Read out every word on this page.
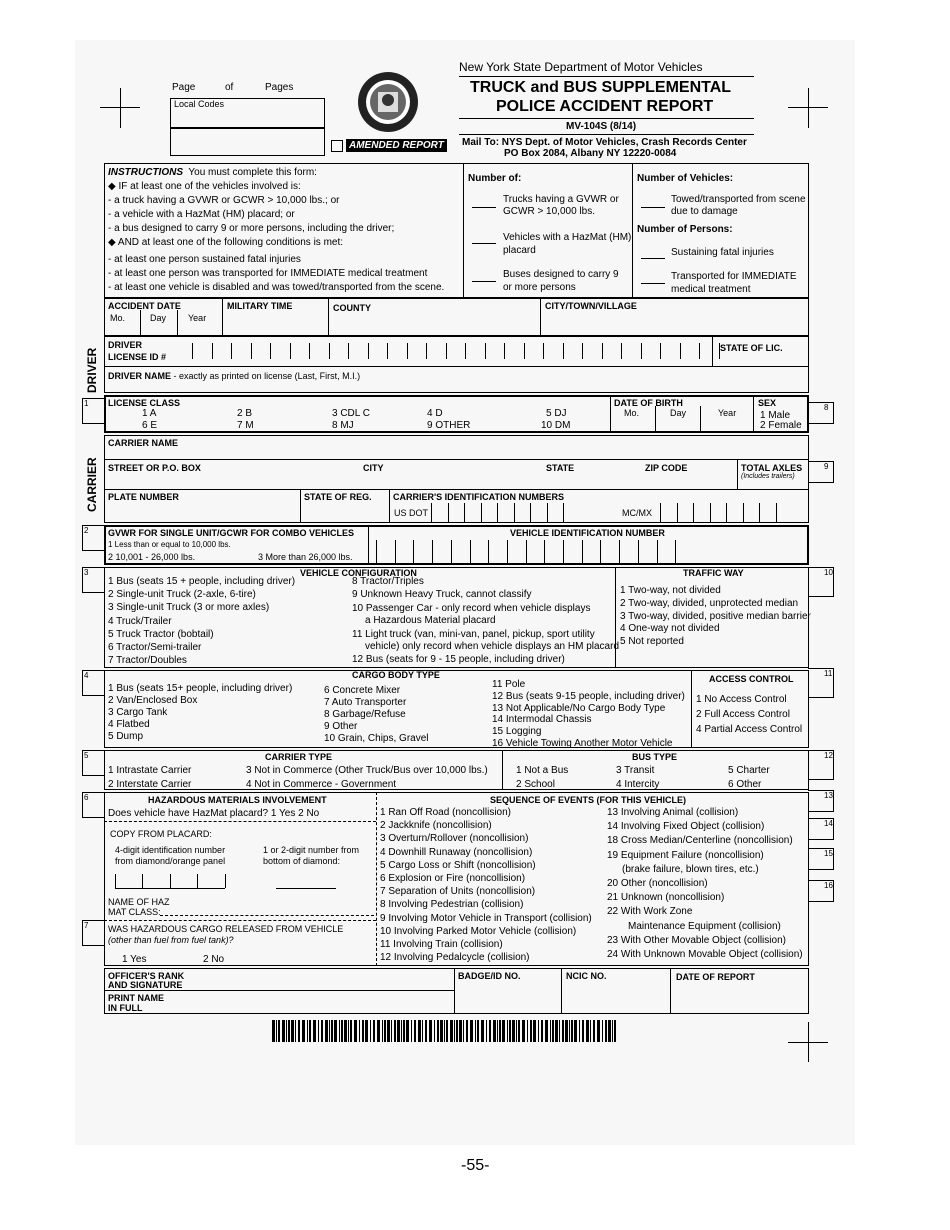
Page	of	Pages
Local Codes
AMENDED REPORT
New York State Department of Motor Vehicles
TRUCK and BUS SUPPLEMENTAL
POLICE ACCIDENT REPORT
MV-104S (8/14)
Mail To: NYS Dept. of Motor Vehicles, Crash Records Center
PO Box 2084, Albany NY 12220-0084
INSTRUCTIONS You must complete this form:
◆ IF at least one of the vehicles involved is:
- a truck having a GVWR or GCWR > 10,000 lbs.; or
- a vehicle with a HazMat (HM) placard; or
- a bus designed to carry 9 or more persons, including the driver;
◆ AND at least one of the following conditions is met:
- at least one person sustained fatal injuries
- at least one person was transported for IMMEDIATE medical treatment
- at least one vehicle is disabled and was towed/transported from the scene.
Number of:
Trucks having a GVWR or
GCWR > 10,000 lbs.
Vehicles with a HazMat (HM)
placard
Buses designed to carry 9
or more persons
Number of Vehicles:
Towed/transported from scene
due to damage
Number of Persons:
Sustaining fatal injuries
Transported for IMMEDIATE
medical treatment
ACCIDENT DATE
Mo.	Day Year
MILITARY TIME	COUNTY	CITY/TOWN/VILLAGE
DRIVER
DRIVER
LICENSE ID #
STATE OF LIC.
DRIVER NAME - exactly as printed on license (Last, First, M.I.)
LICENSE CLASS
1 A	2 B	3 CDL C	4 D	5 DJ
6 E	7 M	8 MJ	9 OTHER	10 DM
DATE OF BIRTH
Mo.	Day	Year
SEX
1 Male
2 Female
CARRIER
CARRIER NAME
STREET OR P.O. BOX	CITY	STATE	ZIP CODE	TOTAL AXLES
(Includes trailers)
PLATE NUMBER	STATE OF REG. CARRIER'S IDENTIFICATION NUMBERS
US DOT	MC/MX
GVWR FOR SINGLE UNIT/GCWR FOR COMBO VEHICLES
1 Less than or equal to 10,000 lbs.
2 10,001 - 26,000 lbs.	3 More than 26,000 lbs.
VEHICLE IDENTIFICATION NUMBER
VEHICLE CONFIGURATION
1 Bus (seats 15 + people, including driver)
2 Single-unit Truck (2-axle, 6-tire)
3 Single-unit Truck (3 or more axles)
4 Truck/Trailer
5 Truck Tractor (bobtail)
6 Tractor/Semi-trailer
7 Tractor/Doubles
8 Tractor/Triples
9 Unknown Heavy Truck, cannot classify
10 Passenger Car - only record when vehicle displays
a Hazardous Material placard
11 Light truck (van, mini-van, panel, pickup, sport utility
vehicle) only record when vehicle displays an HM placard
12 Bus (seats for 9 - 15 people, including driver)
TRAFFIC WAY
1 Two-way, not divided
2 Two-way, divided, unprotected median
3 Two-way, divided, positive median barrier
4 One-way not divided
5 Not reported
CARGO BODY TYPE
1 Bus (seats 15+ people, including driver)
2 Van/Enclosed Box
3 Cargo Tank
4 Flatbed
5 Dump
6 Concrete Mixer
7 Auto Transporter
8 Garbage/Refuse
9 Other
10 Grain, Chips, Gravel
11 Pole
12 Bus (seats 9-15 people, including driver)
13 Not Applicable/No Cargo Body Type
14 Intermodal Chassis
15 Logging
16 Vehicle Towing Another Motor Vehicle
ACCESS CONTROL
1 No Access Control
2 Full Access Control
4 Partial Access Control
CARRIER TYPE
1 Intrastate Carrier
2 Interstate Carrier
3 Not in Commerce (Other Truck/Bus over 10,000 lbs.)
4 Not in Commerce - Government
BUS TYPE
1 Not a Bus
2 School
3 Transit
4 Intercity
5 Charter
6 Other
HAZARDOUS MATERIALS INVOLVEMENT
Does vehicle have HazMat placard? 1 Yes 2 No
COPY FROM PLACARD:
4-digit identification number
from diamond/orange panel
1 or 2-digit number from
bottom of diamond:
NAME OF HAZ
MAT CLASS:
WAS HAZARDOUS CARGO RELEASED FROM VEHICLE
(other than fuel from fuel tank)?
1 Yes	2 No
SEQUENCE OF EVENTS (FOR THIS VEHICLE)
1 Ran Off Road (noncollision)
2 Jackknife (noncollision)
3 Overturn/Rollover (noncollision)
4 Downhill Runaway (noncollision)
5 Cargo Loss or Shift (noncollision)
6 Explosion or Fire (noncollision)
7 Separation of Units (noncollision)
8 Involving Pedestrian (collision)
9 Involving Motor Vehicle in Transport (collision)
10 Involving Parked Motor Vehicle (collision)
11 Involving Train (collision)
12 Involving Pedalcycle (collision)
13 Involving Animal (collision)
14 Involving Fixed Object (collision)
18 Cross Median/Centerline (noncollision)
19 Equipment Failure (noncollision)
(brake failure, blown tires, etc.)
20 Other (noncollision)
21 Unknown (noncollision)
22 With Work Zone
Maintenance Equipment (collision)
23 With Other Movable Object (collision)
24 With Unknown Movable Object (collision)
OFFICER'S RANK
AND SIGNATURE
PRINT NAME
IN FULL
BADGE/ID NO.	NCIC NO.	DATE OF REPORT
1
2
3
4
5
6
7
8
9
10
11
12
13
14
15
16
-55-
